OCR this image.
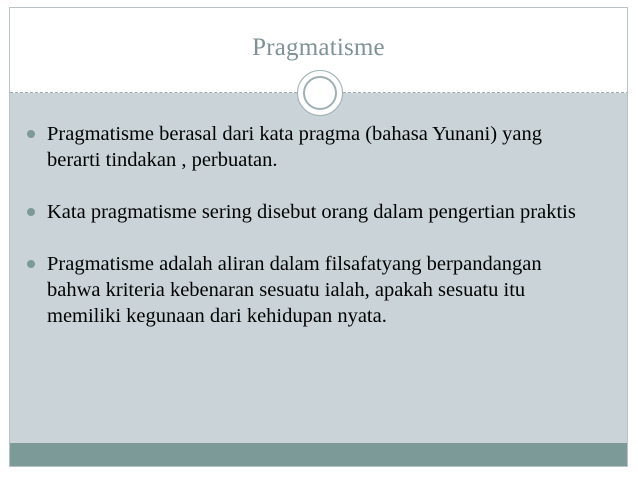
Pragmatisme
Pragmatisme berasal dari kata pragma (bahasa Yunani) yang berarti tindakan , perbuatan.
Kata pragmatisme sering disebut orang dalam pengertian praktis
Pragmatisme adalah aliran dalam filsafatyang berpandangan bahwa kriteria kebenaran sesuatu ialah, apakah sesuatu itu memiliki kegunaan dari kehidupan nyata.
